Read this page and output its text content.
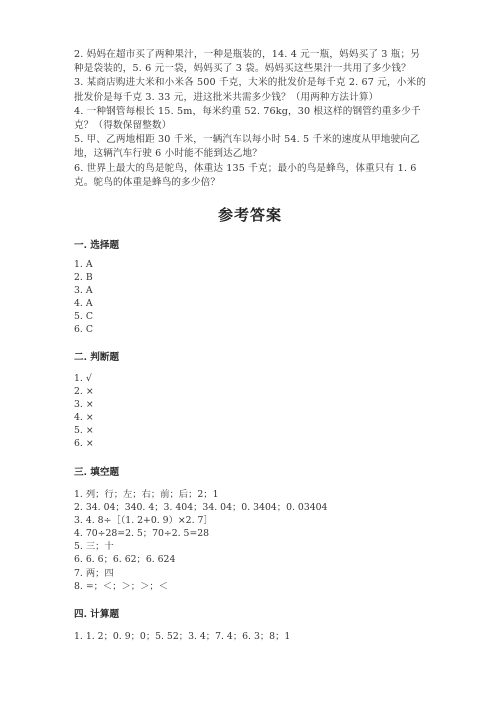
2. 妈妈在超市买了两种果汁，一种是瓶装的，14. 4 元一瓶，妈妈买了 3 瓶；另

种是袋装的，5. 6 元一袋，妈妈买了 3 袋。妈妈买这些果汁一共用了多少钱？

3. 某商店购进大米和小米各 500 千克，大米的批发价是每千克 2. 67 元，小米的

批发价是每千克 3. 33 元，进这批米共需多少钱？（用两种方法计算）

4. 一种钢管每根长 15. 5m，每米约重 52. 76kg，30 根这样的钢管约重多少千

克？（得数保留整数）

5. 甲、乙两地相距 30 千米，一辆汽车以每小时 54. 5 千米的速度从甲地驶向乙

地，这辆汽车行驶 6 小时能不能到达乙地？

6. 世界上最大的鸟是鸵鸟，体重达 135 千克；最小的鸟是蜂鸟，体重只有 1. 6

克。鸵鸟的体重是蜂鸟的多少倍？

参考答案
一. 选择题
1. A
2. B
3. A
4. A
5. C
6. C
二. 判断题
1. √
2. ×
3. ×
4. ×
5. ×
6. ×
三. 填空题
1. 列；行；左；右；前；后；2；1
2. 34. 04；340. 4；3. 404；34. 04；0. 3404；0. 03404
3. 4. 8÷［（1. 2+0. 9）×2. 7］
4. 70÷28=2. 5；70÷2. 5=28
5. 三；十
6. 6. 6；6. 62；6. 624
7. 两；四
8. =；＜；＞；＞；＜
四. 计算题
1. 1. 2；0. 9；0；5. 52；3. 4；7. 4；6. 3；8；1
